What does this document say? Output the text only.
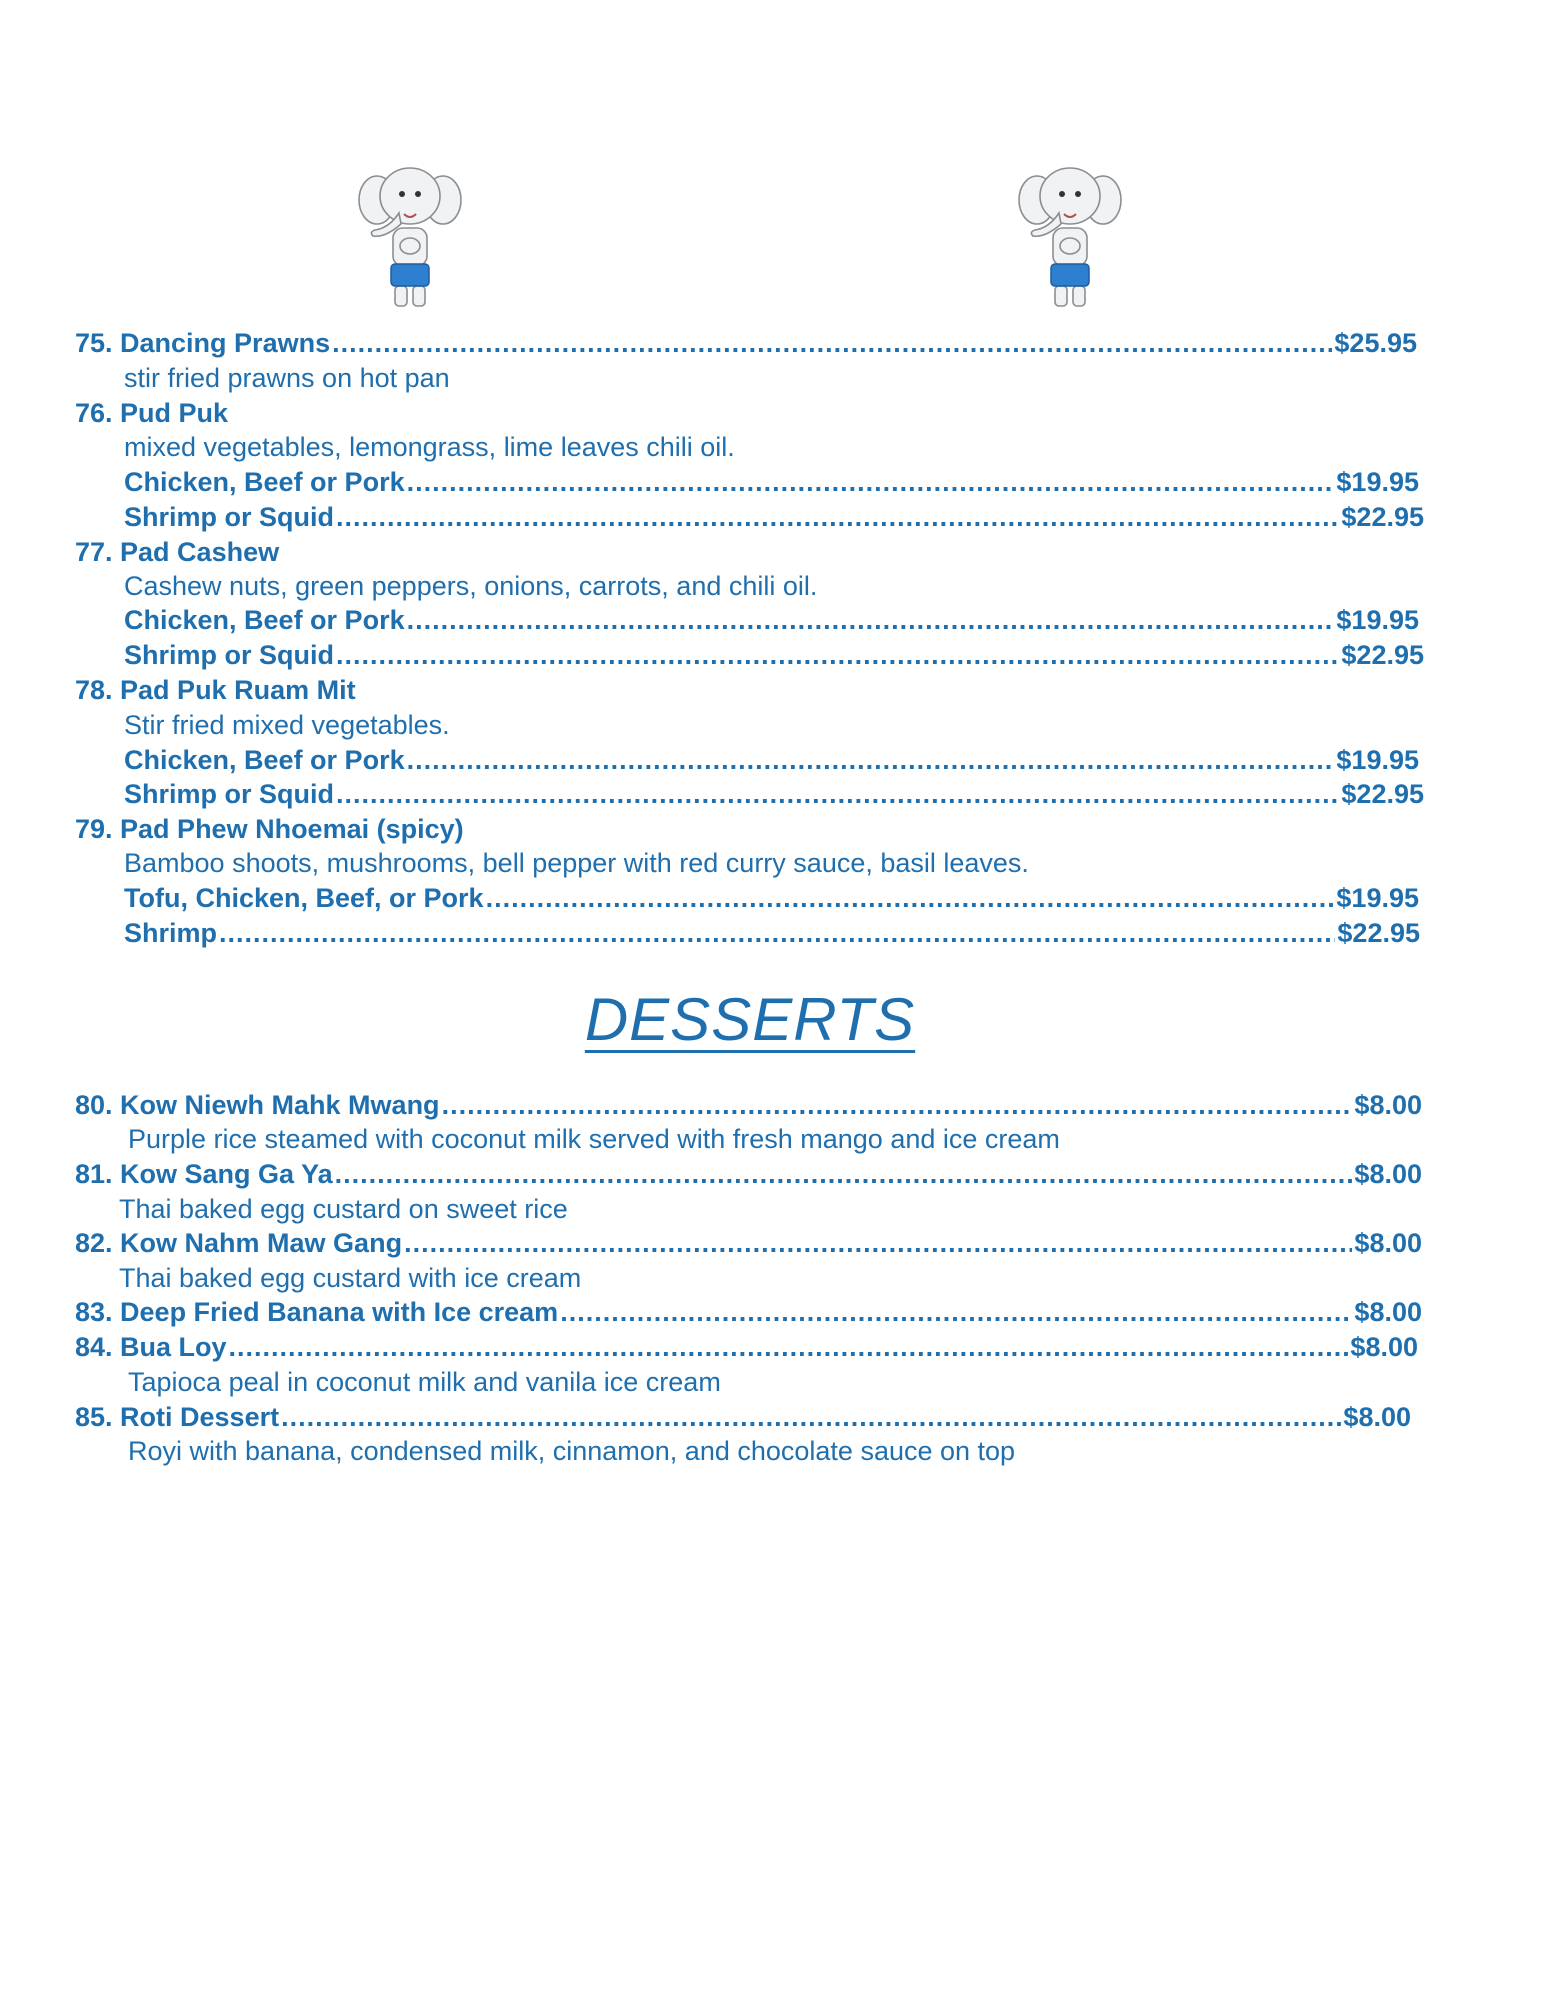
75. Dancing Prawns .....	$25.95
stir fried prawns on hot pan
76. Pud Puk
mixed vegetables, lemongrass, lime leaves chili oil.
Chicken, Beef or Pork .....	$19.95
Shrimp or Squid .....	$22.95
77. Pad Cashew
Cashew nuts, green peppers, onions, carrots, and chili oil.
Chicken, Beef or Pork .....	$19.95
Shrimp or Squid .....	$22.95
78. Pad Puk Ruam Mit
Stir fried mixed vegetables.
Chicken, Beef or Pork .....	$19.95
Shrimp or Squid .....	$22.95
79. Pad Phew Nhoemai (spicy)
Bamboo shoots, mushrooms, bell pepper with red curry sauce, basil leaves.
Tofu, Chicken, Beef, or Pork .....	$19.95
Shrimp .....	$22.95
DESSERTS
80. Kow Niewh Mahk Mwang .....	$8.00
Purple rice steamed with coconut milk served with fresh mango and ice cream
81. Kow Sang Ga Ya .....	$8.00
Thai baked egg custard on sweet rice
82. Kow Nahm Maw Gang .....	$8.00
Thai baked egg custard with ice cream
83. Deep Fried Banana with Ice cream .....	$8.00
84. Bua Loy .....	$8.00
Tapioca peal in coconut milk and vanila ice cream
85. Roti Dessert .....	$8.00
Royi with banana, condensed milk, cinnamon, and chocolate sauce on top
